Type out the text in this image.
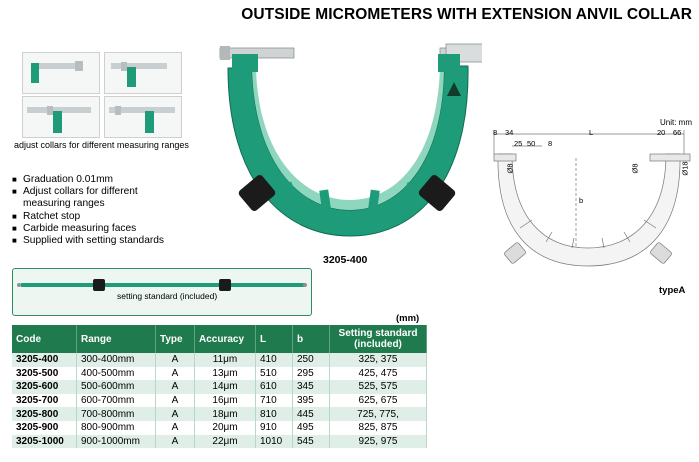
OUTSIDE MICROMETERS WITH EXTENSION ANVIL COLLAR
adjust collars for different measuring ranges
■ Graduation 0.01mm
■ Adjust collars for different
measuring ranges
■ Ratchet stop
■ Carbide measuring faces
■ Supplied with setting standards
3205-400
setting standard (included)
8 34	L	20 66
25 50 8
Ø8	Ø8	Ø18
b
Unit: mm
typeA
(mm)
Code	Range	Type	Accuracy	L	b	Setting standard (included)
3205-400	300-400mm	A	11μm	410	250	325, 375
3205-500	400-500mm	A	13μm	510	295	425, 475
3205-600	500-600mm	A	14μm	610	345	525, 575
3205-700	600-700mm	A	16μm	710	395	625, 675
3205-800	700-800mm	A	18μm	810	445	725, 775,
3205-900	800-900mm	A	20μm	910	495	825, 875
3205-1000	900-1000mm	A	22μm	1010	545	925, 975
